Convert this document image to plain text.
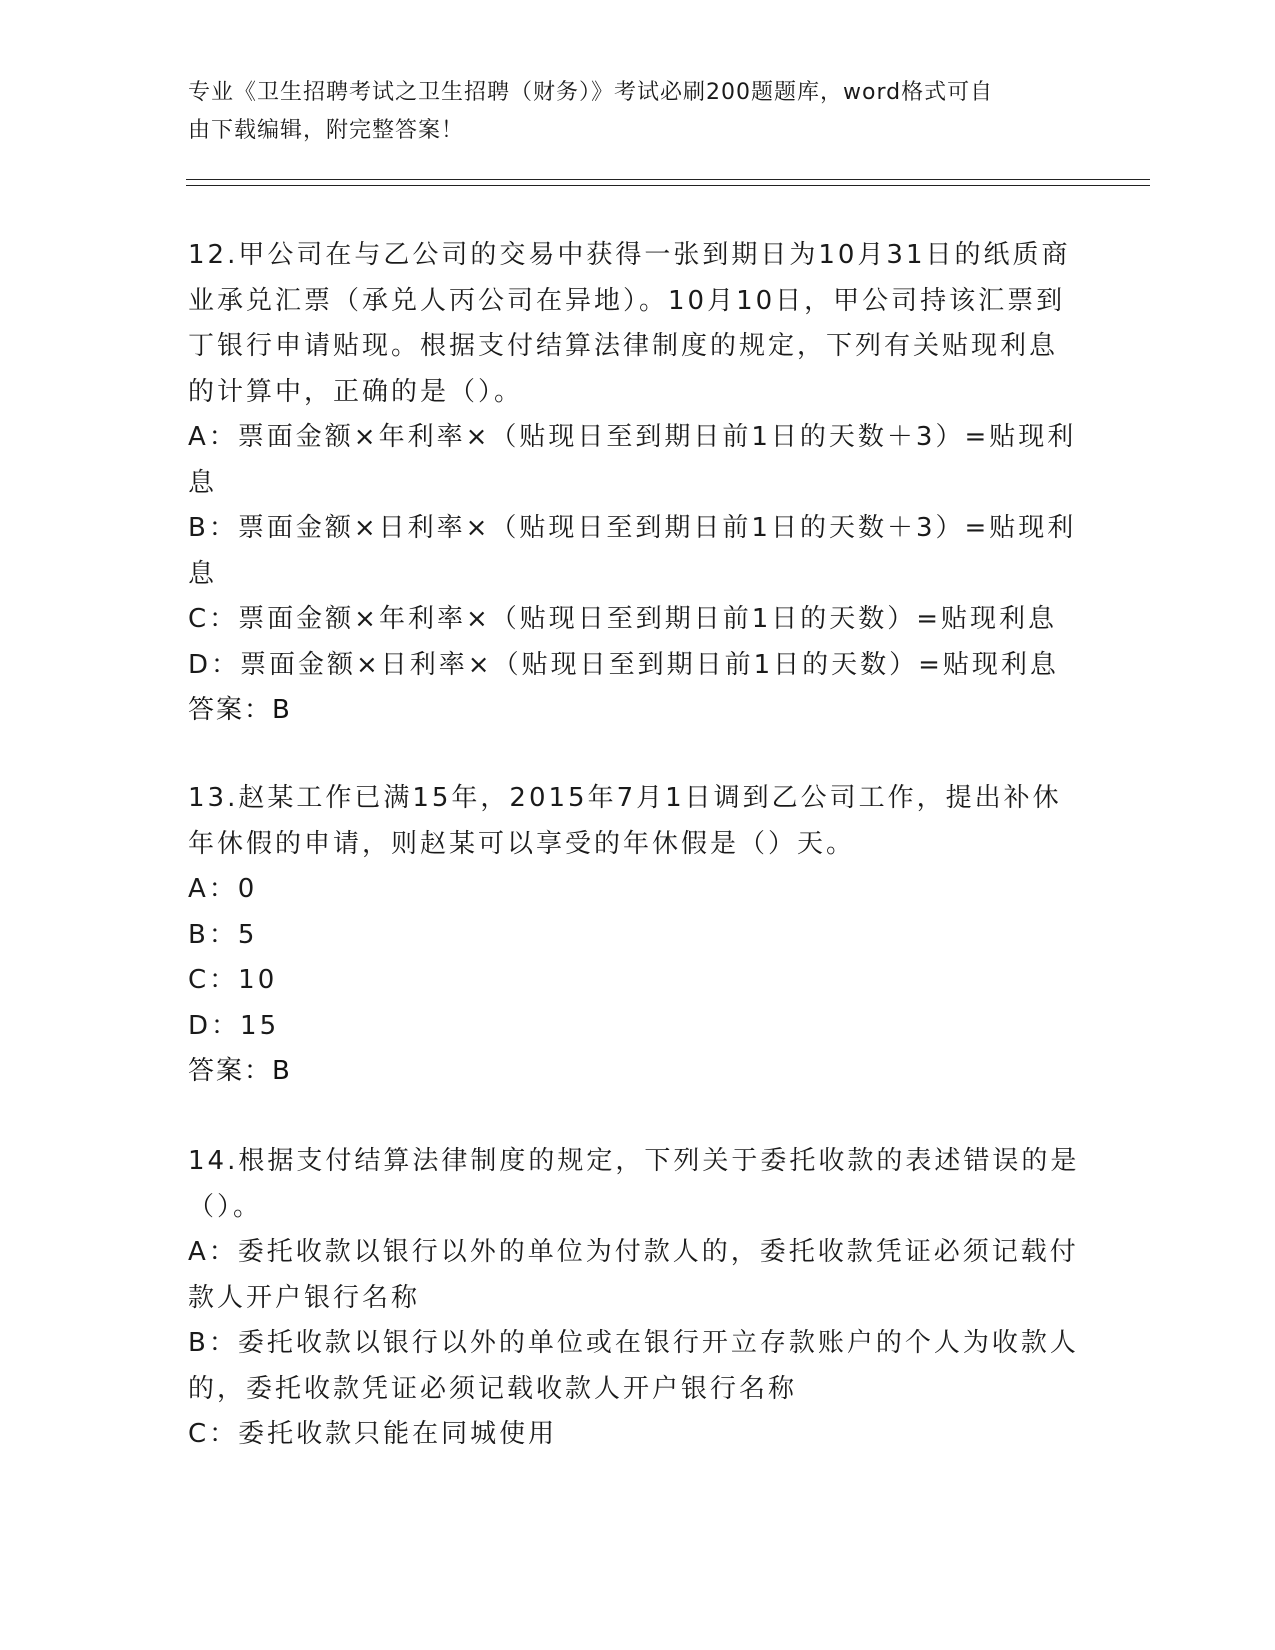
专业《卫生招聘考试之卫生招聘（财务）》考试必刷200题题库，word格式可自
由下载编辑，附完整答案！
12.甲公司在与乙公司的交易中获得一张到期日为10月31日的纸质商
业承兑汇票（承兑人丙公司在异地）。10月10日，甲公司持该汇票到
丁银行申请贴现。根据支付结算法律制度的规定，下列有关贴现利息
的计算中，正确的是（）。
A：票面金额×年利率×（贴现日至到期日前1日的天数＋3）=贴现利
息
B：票面金额×日利率×（贴现日至到期日前1日的天数＋3）=贴现利
息
C：票面金额×年利率×（贴现日至到期日前1日的天数）=贴现利息
D：票面金额×日利率×（贴现日至到期日前1日的天数）=贴现利息
答案：B
13.赵某工作已满15年，2015年7月1日调到乙公司工作，提出补休
年休假的申请，则赵某可以享受的年休假是（）天。
A：0
B：5
C：10
D：15
答案：B
14.根据支付结算法律制度的规定，下列关于委托收款的表述错误的是
（）。
A：委托收款以银行以外的单位为付款人的，委托收款凭证必须记载付
款人开户银行名称
B：委托收款以银行以外的单位或在银行开立存款账户的个人为收款人
的，委托收款凭证必须记载收款人开户银行名称
C：委托收款只能在同城使用
